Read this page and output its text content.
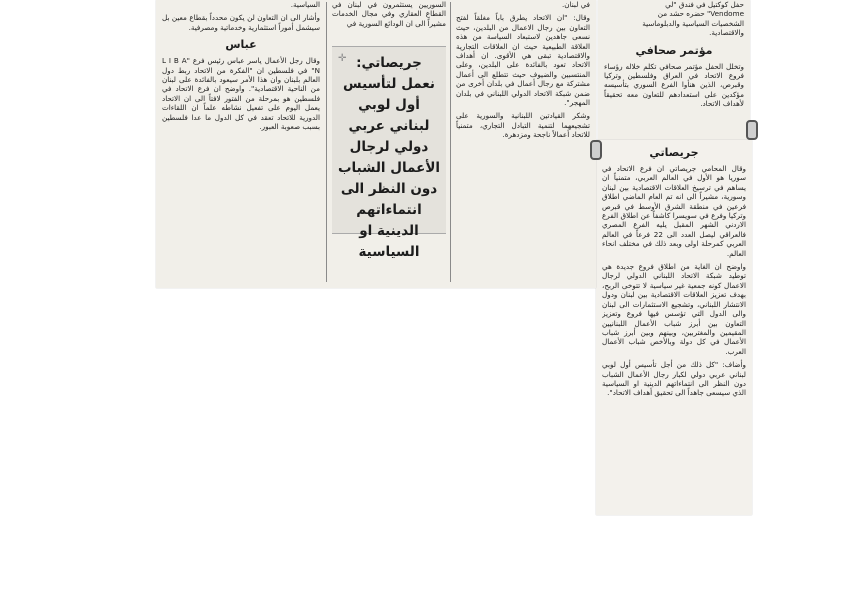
حفل كوكتيل في فندق "لي

Vendome" حضره حشد من

الشخصيات السياسية والدبلوماسية

والاقتصادية.

مؤتمر صحافي

وتخلل الحفل مؤتمر صحافي تكلم خلاله رؤساء فروع الاتحاد في العراق وفلسطين وتركيا وقبرص، الذين هنأوا الفرع السوري بتأسيسه مؤكدين على استعدادهم للتعاون معه تحقيقاً لأهداف الاتحاد.

جريصاتي

وقال المحامي جريصاتي ان فرع الاتحاد في سوريا هو الأول في العالم العربي، متمنياً ان يساهم في ترسيخ العلاقات الاقتصادية بين لبنان وسورية، مشيراً الى انه تم العام الماضي اطلاق فرعين في منطقة الشرق الأوسط في قبرص وتركيا وفرع في سويسرا كاشفاً عن اطلاق الفرع الاردني الشهر المقبل يليه الفرع المصري فالعراقي ليصل العدد الى 22 فرعاً في العالم العربي كمرحلة اولى وبعد ذلك في مختلف انحاء العالم.

واوضح ان الغاية من اطلاق فروع جديدة هي توطيد شبكة الاتحاد اللبناني الدولي لرجال الاعمال كونه جمعية غير سياسية لا تتوخى الربح، بهدف تعزيز العلاقات الاقتصادية بين لبنان ودول الانتشار اللبناني، وتشجيع الاستثمارات الى لبنان والى الدول التي تؤسس فيها فروع وتعزيز التعاون بين أبرز شباب الأعمال اللبنانيين المقيمين والمغتربين، وبينهم وبين أبرز شباب الأعمال في كل دولة وبالأخص شباب الأعمال العرب.

وأضاف: "كل ذلك من أجل تأسيس أول لوبي لبناني عربي دولي لكبار رجال الأعمال الشباب دون النظر الى انتماءاتهم الدينية او السياسية الذي سيسعى جاهداً الى تحقيق أهداف الاتحاد".

في لبنان.

وقال: "ان الاتحاد يطرق باباً مغلقاً لفتح التعاون بين رجال الاعمال من البلدين، حيث نسعى جاهدين لاستبعاد السياسة من هذه العلاقة الطبيعية حيث ان العلاقات التجارية والاقتصادية تبقى هي الأقوى. ان أهداف الاتحاد تعود بالفائدة على البلدين، وعلى المنتسبين والضيوف حيث تتطلع الى أعمال مشتركة مع رجال أعمال في بلدان أخرى من ضمن شبكة الاتحاد الدولي اللبناني في بلدان المهجر".

وشكر القيادتين اللبنانية والسورية على تشجيعهما لتنمية التبادل التجاري، متمنياً للاتحاد أعمالاً ناجحة ومزدهرة.

السوريين يستثمرون في لبنان في القطاع العقاري وفي مجال الخدمات مشيراً الى ان الودائع السورية في

✛ جريصاتي: نعمل لتأسيس أول لوبي لبناني عربي دولي لرجال الأعمال الشباب دون النظر الى انتماءاتهم الدينية او السياسية

السياسية.

وأشار الى ان التعاون لن يكون محدداً بقطاع معين بل سيشمل أموراً استثمارية وخدماتية ومصرفية.

عباس

وقال رجل الأعمال ياسر عباس رئيس فرع "L I B A N" في فلسطين ان "الفكرة من الاتحاد ربط دول العالم بلبنان وان هذا الأمر سيعود بالفائدة على لبنان من الناحية الاقتصادية". واوضح ان فرع الاتحاد في فلسطين هو بمرحلة من الفتور لافتاً الى ان الاتحاد يعمل اليوم على تفعيل نشاطه علماً ان اللقاءات الدورية للاتحاد تعقد في كل الدول ما عدا فلسطين بسبب صعوبة العبور.
